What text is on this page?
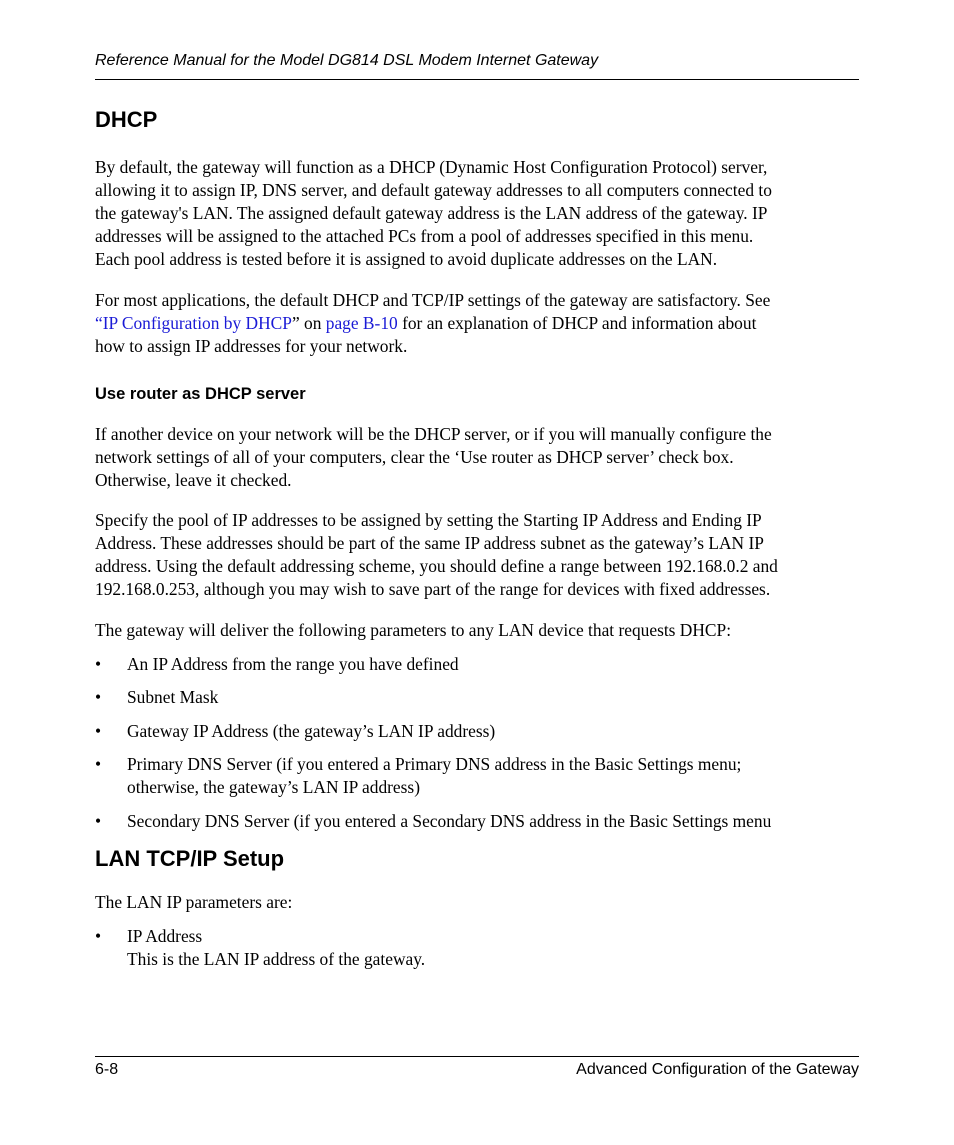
Reference Manual for the Model DG814 DSL Modem Internet Gateway
DHCP
By default, the gateway will function as a DHCP (Dynamic Host Configuration Protocol) server,
allowing it to assign IP, DNS server, and default gateway addresses to all computers connected to
the gateway's LAN. The assigned default gateway address is the LAN address of the gateway. IP
addresses will be assigned to the attached PCs from a pool of addresses specified in this menu.
Each pool address is tested before it is assigned to avoid duplicate addresses on the LAN.
For most applications, the default DHCP and TCP/IP settings of the gateway are satisfactory. See
“IP Configuration by DHCP” on page B-10 for an explanation of DHCP and information about
how to assign IP addresses for your network.
Use router as DHCP server
If another device on your network will be the DHCP server, or if you will manually configure the
network settings of all of your computers, clear the ‘Use router as DHCP server’ check box.
Otherwise, leave it checked.
Specify the pool of IP addresses to be assigned by setting the Starting IP Address and Ending IP
Address. These addresses should be part of the same IP address subnet as the gateway’s LAN IP
address. Using the default addressing scheme, you should define a range between 192.168.0.2 and
192.168.0.253, although you may wish to save part of the range for devices with fixed addresses.
The gateway will deliver the following parameters to any LAN device that requests DHCP:
• An IP Address from the range you have defined
• Subnet Mask
• Gateway IP Address (the gateway’s LAN IP address)
• Primary DNS Server (if you entered a Primary DNS address in the Basic Settings menu;
otherwise, the gateway’s LAN IP address)
• Secondary DNS Server (if you entered a Secondary DNS address in the Basic Settings menu
LAN TCP/IP Setup
The LAN IP parameters are:
• IP Address
This is the LAN IP address of the gateway.
6-8	Advanced Configuration of the Gateway
